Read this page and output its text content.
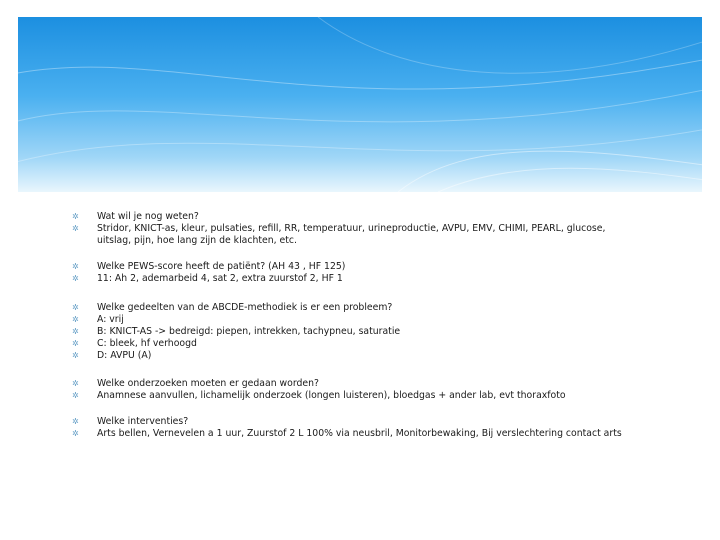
✲	Wat wil je nog weten?
✲	Stridor, KNICT-as, kleur, pulsaties, refill, RR, temperatuur, urineproductie, AVPU, EMV, CHIMI, PEARL, glucose, uitslag, pijn, hoe lang zijn de klachten, etc.
✲	Welke PEWS-score heeft de patiënt? (AH 43 , HF 125)
✲	11: Ah 2, ademarbeid 4, sat 2, extra zuurstof 2, HF 1
✲	Welke gedeelten van de ABCDE-methodiek is er een probleem?
✲	A: vrij
✲	B: KNICT-AS -> bedreigd: piepen, intrekken, tachypneu, saturatie
✲	C: bleek, hf verhoogd
✲	D: AVPU (A)
✲	Welke onderzoeken moeten er gedaan worden?
✲	Anamnese aanvullen, lichamelijk onderzoek (longen luisteren), bloedgas + ander lab, evt thoraxfoto
✲	Welke interventies?
✲	Arts bellen, Vernevelen a 1 uur, Zuurstof 2 L 100% via neusbril, Monitorbewaking, Bij verslechtering contact arts
